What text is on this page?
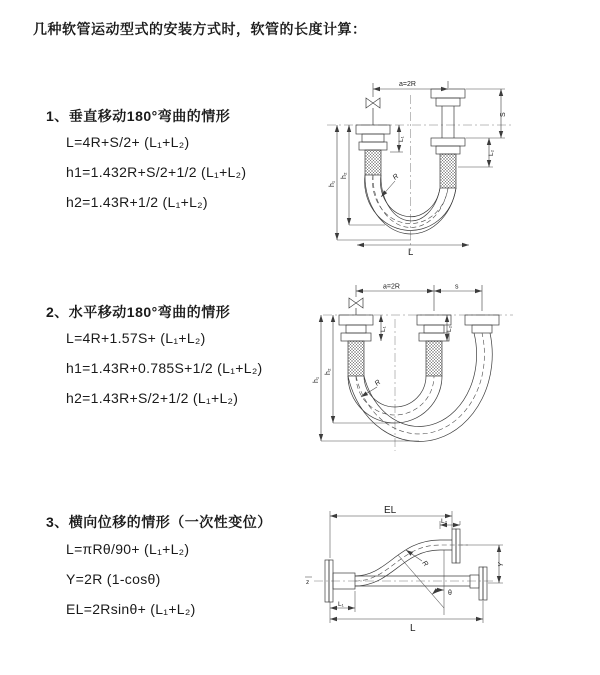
几种软管运动型式的安装方式时，软管的长度计算：
1、垂直移动180°弯曲的情形
L=4R+S/2+ (L₁+L₂)
h1=1.432R+S/2+1/2 (L₁+L₂)
h2=1.43R+1/2 (L₁+L₂)
2、水平移动180°弯曲的情形
L=4R+1.57S+ (L₁+L₂)
h1=1.43R+0.785S+1/2 (L₁+L₂)
h2=1.43R+S/2+1/2 (L₁+L₂)
3、横向位移的情形（一次性变位）
L=πRθ/90+ (L₁+L₂)
Y=2R (1-cosθ)
EL=2Rsinθ+ (L₁+L₂)
a=2R
h₁
h₂
L₁
S
L₂
R
L
a=2R	s
h₁
h₂
L₁	L₂
R
EL
L₂
z
Y
R
θ
L₁
L
